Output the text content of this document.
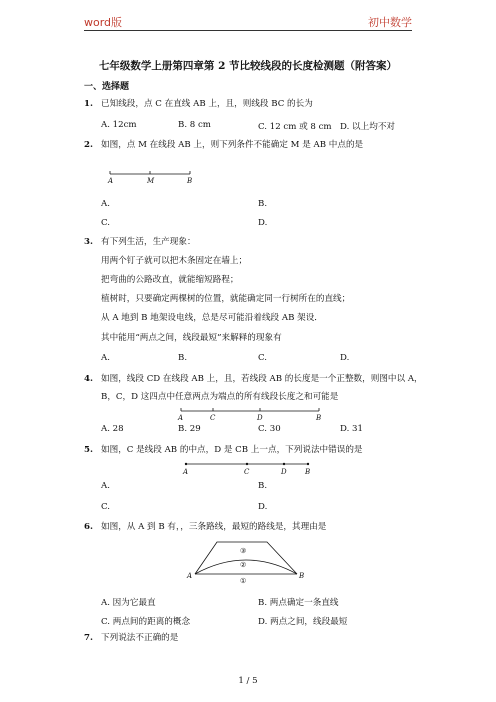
word版	初中数学
七年级数学上册第四章第 2 节比较线段的长度检测题（附答案）
一、选择题
1. 已知线段，点 C 在直线 AB 上，且，则线段 BC 的长为
A. 12cm	B. 8 cm	C. 12 cm 或 8 cm D. 以上均不对
2. 如图，点 M 在线段 AB 上，则下列条件不能确定 M 是 AB 中点的是
A	M	B
A.	B.
C.	D.
3. 有下列生活，生产现象：
用两个钉子就可以把木条固定在墙上；
把弯曲的公路改直，就能缩短路程；
植树时，只要确定两棵树的位置，就能确定同一行树所在的直线；
从 A 地到 B 地架设电线，总是尽可能沿着线段 AB 架设．
其中能用“两点之间，线段最短”来解释的现象有
A.	B.	C.	D.
4. 如图，线段 CD 在线段 AB 上，且，若线段 AB 的长度是一个正整数，则图中以 A，
B，C，D 这四点中任意两点为端点的所有线段长度之和可能是
A	C	D	B
A. 28	B. 29	C. 30	D. 31
5. 如图，C 是线段 AB 的中点，D 是 CB 上一点，下列说法中错误的是
A	C	D	B
A.	B.
C.	D.
6. 如图，从 A 到 B 有，，三条路线，最短的路线是，其理由是
A	B
③
②
①
A. 因为它最直	B. 两点确定一条直线
C. 两点间的距离的概念	D. 两点之间，线段最短
7. 下列说法不正确的是
1 / 5
